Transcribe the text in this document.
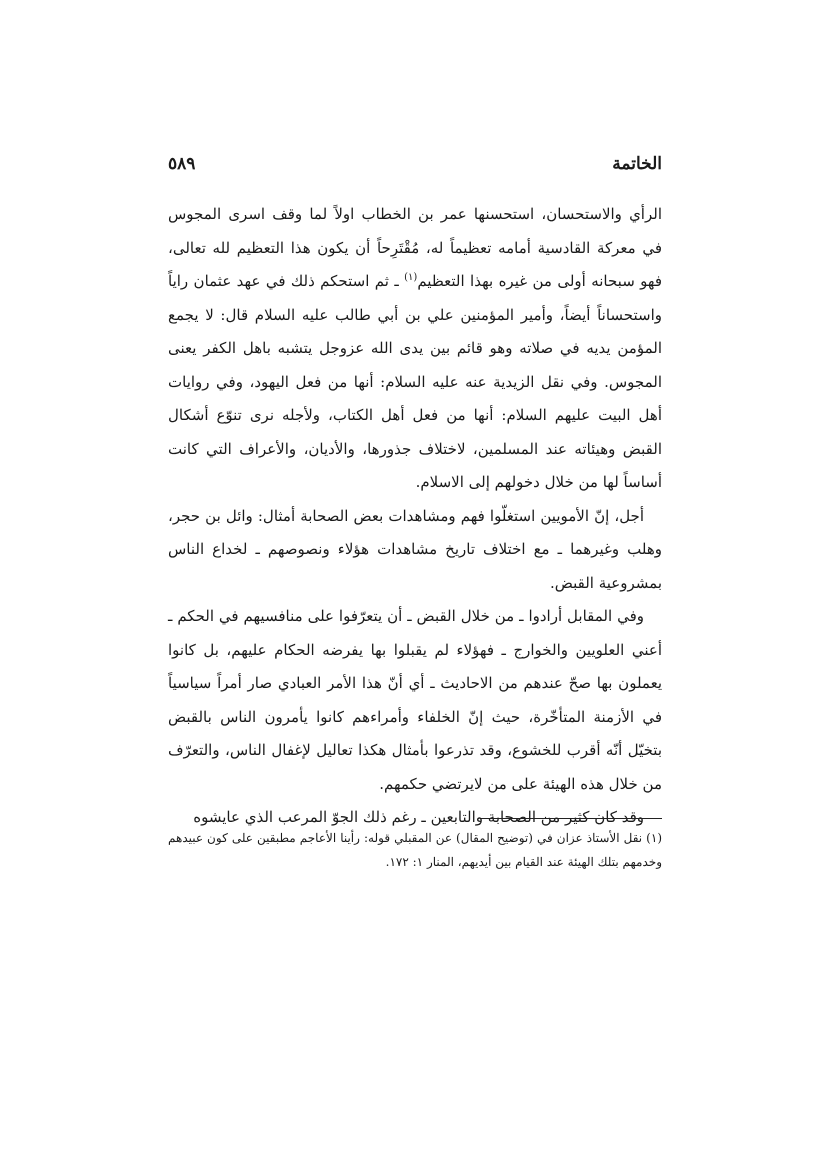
الخاتمة
٥٨٩

الرأي والاستحسان، استحسنها عمر بن الخطاب اولاً لما وقف اسرى المجوس في معركة القادسية أمامه تعظيماً له، مُقْتَرِحاً أن يكون هذا التعظيم لله تعالى، فهو سبحانه أولى من غيره بهذا التعظيم$^{(١)}$ ـ ثم استحكم ذلك في عهد عثمان راياً واستحساناً أيضاً، وأمير المؤمنين علي بن أبي طالب عليه السلام قال: لا يجمع المؤمن يديه في صلاته وهو قائم بين يدى الله عزوجل يتشبه باهل الكفر يعنى المجوس. وفي نقل الزيدية عنه عليه السلام: أنها من فعل اليهود، وفي روايات أهل البيت عليهم السلام: أنها من فعل أهل الكتاب، ولأجله نرى تنوّع أشكال القبض وهيئاته عند المسلمين، لاختلاف جذورها، والأديان، والأعراف التي كانت أساساً لها من خلال دخولهم إلى الاسلام.

أجل، إنّ الأمويين استغلّوا فهم ومشاهدات بعض الصحابة أمثال: وائل بن حجر، وهلب وغيرهما ـ مع اختلاف تاريخ مشاهدات هؤلاء ونصوصهم ـ لخداع الناس بمشروعية القبض.

وفي المقابل أرادوا ـ من خلال القبض ـ أن يتعرّفوا على منافسيهم في الحكم ـ أعني العلويين والخوارج ـ فهؤلاء لم يقبلوا بها يفرضه الحكام عليهم، بل كانوا يعملون بها صحّ عندهم من الاحاديث ـ أي أنّ هذا الأمر العبادي صار أمراً سياسياً في الأزمنة المتأخّرة، حيث إنّ الخلفاء وأمراءهم كانوا يأمرون الناس بالقبض بتخيّل أنّه أقرب للخشوع، وقد تذرعوا بأمثال هكذا تعاليل لإغفال الناس، والتعرّف من خلال هذه الهيئة على من لايرتضي حكمهم.

وقد كان كثير من الصحابة والتابعين ـ رغم ذلك الجوّ المرعب الذي عايشوه

(١) نقل الأستاذ عزان في (توضيح المقال) عن المقبلي قوله: رأينا الأعاجم مطبقين على كون عبيدهم وخدمهم بتلك الهيئة عند القيام بين أيديهم، المنار ١: ١٧٢.
